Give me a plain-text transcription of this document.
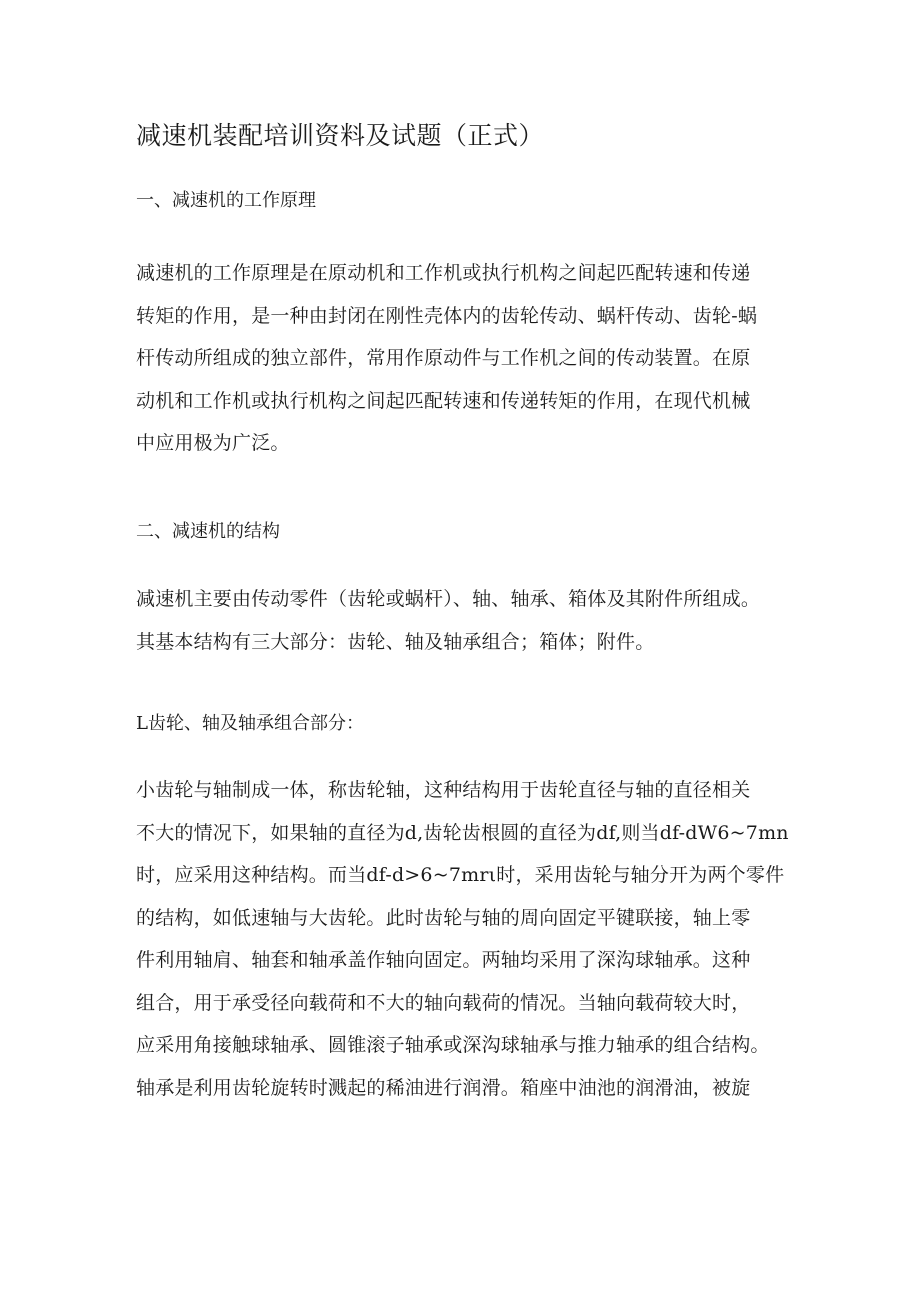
减速机装配培训资料及试题（正式）
一、减速机的工作原理
减速机的工作原理是在原动机和工作机或执行机构之间起匹配转速和传递
转矩的作用，是一种由封闭在刚性壳体内的齿轮传动、蜗杆传动、齿轮-蜗
杆传动所组成的独立部件，常用作原动件与工作机之间的传动装置。在原
动机和工作机或执行机构之间起匹配转速和传递转矩的作用，在现代机械
中应用极为广泛。
二、减速机的结构
减速机主要由传动零件（齿轮或蜗杆）、轴、轴承、箱体及其附件所组成。
其基本结构有三大部分：齿轮、轴及轴承组合；箱体；附件。
L齿轮、轴及轴承组合部分：
小齿轮与轴制成一体，称齿轮轴，这种结构用于齿轮直径与轴的直径相关
不大的情况下，如果轴的直径为d,齿轮齿根圆的直径为df,则当df-dW6~7mn
时，应采用这种结构。而当df-d>6~7mrι时，采用齿轮与轴分开为两个零件
的结构，如低速轴与大齿轮。此时齿轮与轴的周向固定平键联接，轴上零
件利用轴肩、轴套和轴承盖作轴向固定。两轴均采用了深沟球轴承。这种
组合，用于承受径向载荷和不大的轴向载荷的情况。当轴向载荷较大时，
应采用角接触球轴承、圆锥滚子轴承或深沟球轴承与推力轴承的组合结构。
轴承是利用齿轮旋转时溅起的稀油进行润滑。箱座中油池的润滑油，被旋
